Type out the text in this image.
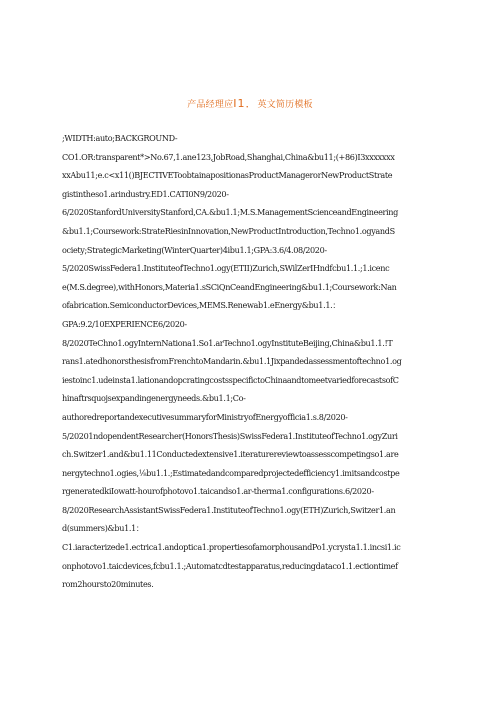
产品经理应I1．英文简历模板
;WIDTH:auto;BACKGROUND-
CO1.OR:transparent*>No.67,1.ane123,JobRoad,Shanghai,China&bu11;(+86)I3xxxxxxx
xxAbu11;e.c<x11()BJECTIVEToobtainapositionasProductManagerorNewProductStrate
gistintheso1.arindustry.ED1.CATI0N9/2020-
6/2020StanfordUniversityStanford,CA.&bu1.1;M.S.ManagementScienceandEngineering
&bu1.1;Coursework:StrateRiesinInnovation,NewProductIntroduction,Techno1.ogyandS
ociety;StrategicMarketing(WinterQuarter)4ibu1.1;GPA:3.6/4.08/2020-
5/2020SwissFedera1.InstituteofTechno1.ogy(ETII)Zurich,SWilZerIHndfcbu1.1.;1.icenc
e(M.S.degree),withHonors,Materia1.sSCiQnCeandEngineering&bu1.1;Coursework:Nan
ofabrication.SemiconductorDevices,MEMS.Renewab1.eEnergy&bu1.1.：
GPA:9.2/10EXPERIENCE6/2020-
8/2020TeChno1.ogyInternNationa1.So1.arTechno1.ogyInstituteBeijing,China&bu1.1.!T
rans1.atedhonorsthesisfromFrenchtoMandarin.&bu1.1Jixpandedassessmentoftechno1.og
iestoinc1.udeinsta1.lationandopcratingcostsspecifictoChinaandtomeetvariedforecastsofC
hinaftrsquojsexpandingenergyneeds.&bu1.1;Co-
authoredreportandexecutivesummaryforMinistryofEnergyofficia1.s.8/2020-
5/20201ndopendentResearcher(HonorsThesis)SwissFedera1.InstituteofTechno1.ogyZuri
ch.Switzer1.and&bu1.11Conductedextensive1.iteraturereviewtoassesscompetingso1.are
nergytechno1.ogies,⅛bu1.1.;Estimatedandcomparedprojectedefficiency1.imitsandcostpe
rgeneratedkiIowatt-hourofphotovo1.taicandso1.ar-therma1.configurations.6/2020-
8/2020ResearchAssistantSwissFedera1.InstituteofTechno1.ogy(ETH)Zurich,Switzer1.an
d(summers)&bu1.1：
C1.iaracterizede1.ectrica1.andoptica1.propertiesofamorphousandPo1.ycrysta1.1.incsi1.ic
onphotovo1.taicdevices,fcbu1.1.;Automatcdtestapparatus,reducingdataco1.1.ectiontimef
rom2hoursto20minutes.
